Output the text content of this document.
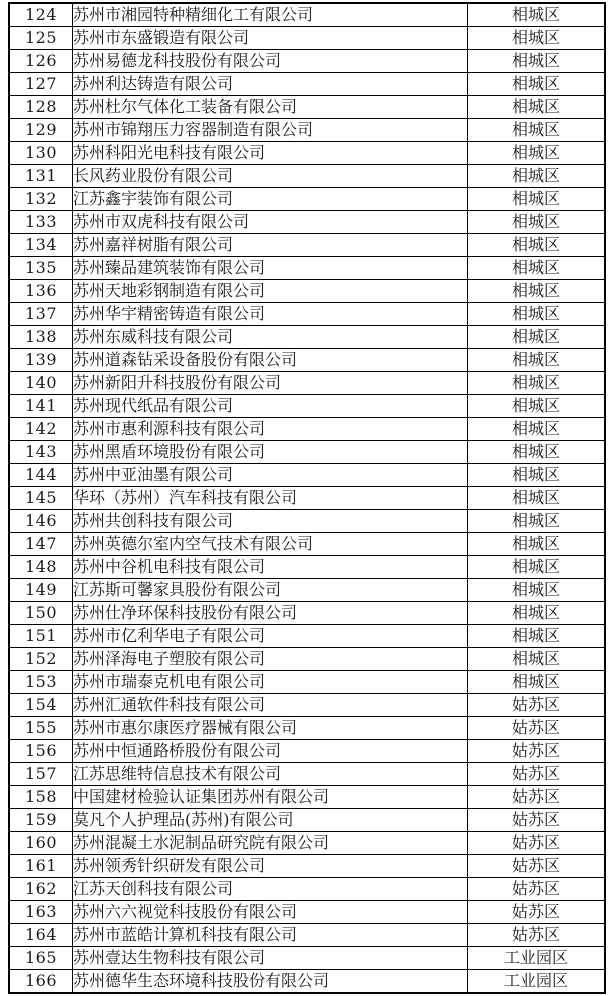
124	苏州市湘园特种精细化工有限公司	相城区
125	苏州市东盛锻造有限公司	相城区
126	苏州易德龙科技股份有限公司	相城区
127	苏州利达铸造有限公司	相城区
128	苏州杜尔气体化工装备有限公司	相城区
129	苏州市锦翔压力容器制造有限公司	相城区
130	苏州科阳光电科技有限公司	相城区
131	长风药业股份有限公司	相城区
132	江苏鑫宇装饰有限公司	相城区
133	苏州市双虎科技有限公司	相城区
134	苏州嘉祥树脂有限公司	相城区
135	苏州臻品建筑装饰有限公司	相城区
136	苏州天地彩钢制造有限公司	相城区
137	苏州华宇精密铸造有限公司	相城区
138	苏州东威科技有限公司	相城区
139	苏州道森钻采设备股份有限公司	相城区
140	苏州新阳升科技股份有限公司	相城区
141	苏州现代纸品有限公司	相城区
142	苏州市惠利源科技有限公司	相城区
143	苏州黑盾环境股份有限公司	相城区
144	苏州中亚油墨有限公司	相城区
145	华环（苏州）汽车科技有限公司	相城区
146	苏州共创科技有限公司	相城区
147	苏州英德尔室内空气技术有限公司	相城区
148	苏州中谷机电科技有限公司	相城区
149	江苏斯可馨家具股份有限公司	相城区
150	苏州仕净环保科技股份有限公司	相城区
151	苏州市亿利华电子有限公司	相城区
152	苏州泽海电子塑胶有限公司	相城区
153	苏州市瑞泰克机电有限公司	相城区
154	苏州汇通软件科技有限公司	姑苏区
155	苏州市惠尔康医疗器械有限公司	姑苏区
156	苏州中恒通路桥股份有限公司	姑苏区
157	江苏思维特信息技术有限公司	姑苏区
158	中国建材检验认证集团苏州有限公司	姑苏区
159	莫凡个人护理品(苏州)有限公司	姑苏区
160	苏州混凝土水泥制品研究院有限公司	姑苏区
161	苏州领秀针织研发有限公司	姑苏区
162	江苏天创科技有限公司	姑苏区
163	苏州六六视觉科技股份有限公司	姑苏区
164	苏州市蓝皓计算机科技有限公司	姑苏区
165	苏州壹达生物科技有限公司	工业园区
166	苏州德华生态环境科技股份有限公司	工业园区
